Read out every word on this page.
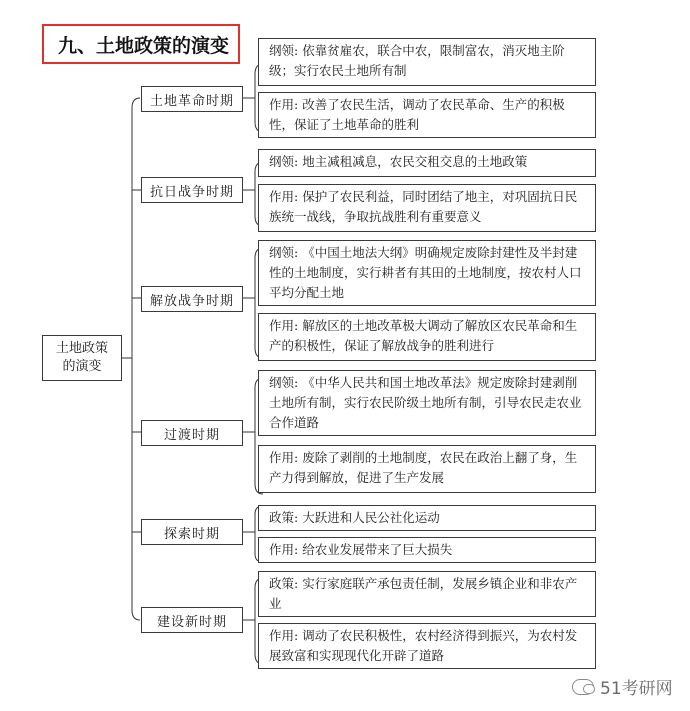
九、土地政策的演变
土地政策的演变
土地革命时期
抗日战争时期
解放战争时期
过渡时期
探索时期
建设新时期
纲领: 依靠贫雇农，联合中农，限制富农，消灭地主阶级；实行农民土地所有制
作用: 改善了农民生活，调动了农民革命、生产的积极性，保证了土地革命的胜利
纲领: 地主减租减息，农民交租交息的土地政策
作用: 保护了农民利益，同时团结了地主，对巩固抗日民族统一战线，争取抗战胜利有重要意义
纲领: 《中国土地法大纲》明确规定废除封建性及半封建性的土地制度，实行耕者有其田的土地制度，按农村人口平均分配土地
作用: 解放区的土地改革极大调动了解放区农民革命和生产的积极性，保证了解放战争的胜利进行
纲领: 《中华人民共和国土地改革法》规定废除封建剥削土地所有制，实行农民阶级土地所有制，引导农民走农业合作道路
作用: 废除了剥削的土地制度，农民在政治上翻了身，生产力得到解放，促进了生产发展
政策: 大跃进和人民公社化运动
作用: 给农业发展带来了巨大损失
政策: 实行家庭联产承包责任制，发展乡镇企业和非农产业
作用: 调动了农民积极性，农村经济得到振兴，为农村发展致富和实现现代化开辟了道路
51考研网
